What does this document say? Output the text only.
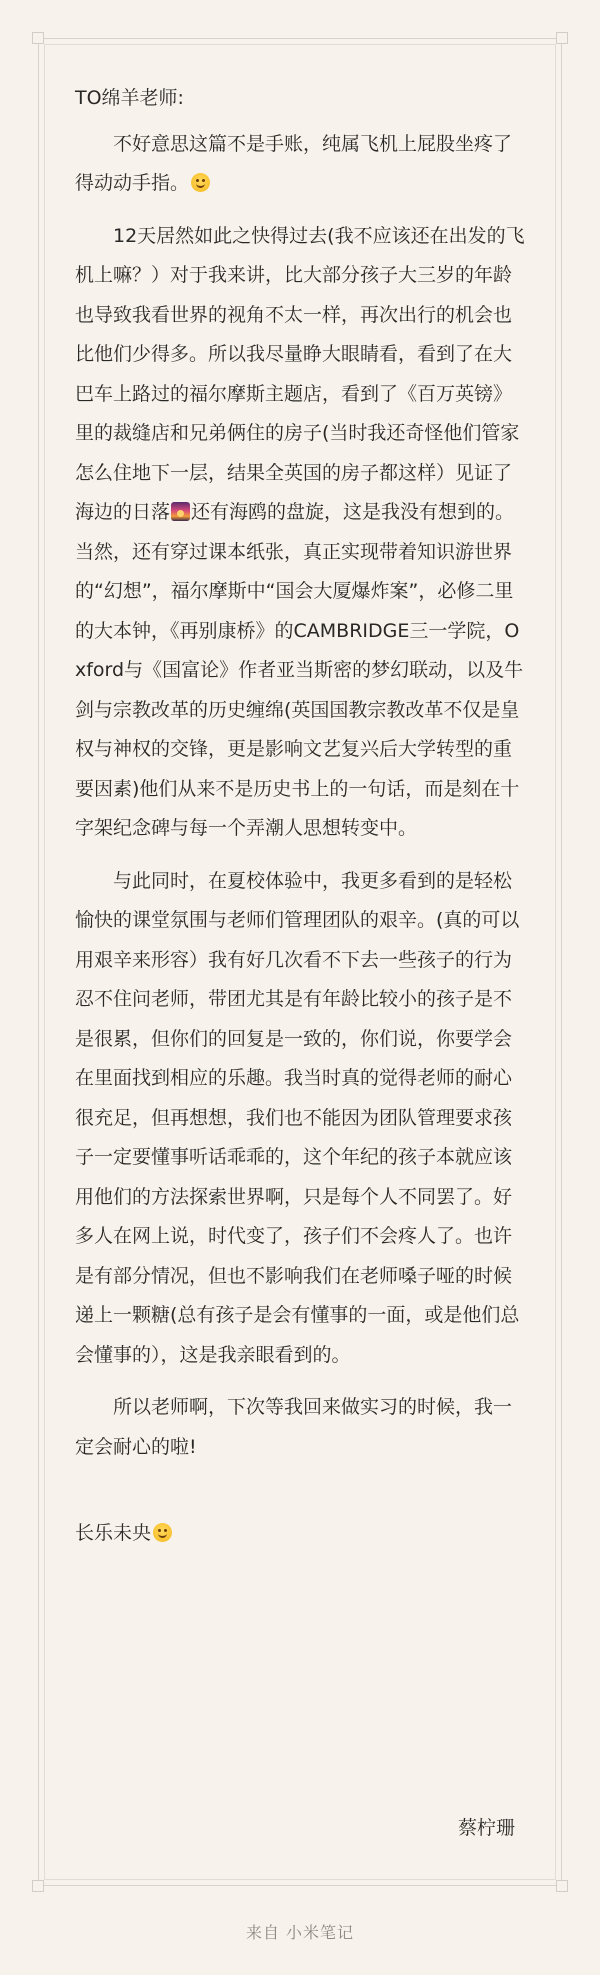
TO绵羊老师:

不好意思这篇不是手账，纯属飞机上屁股坐疼了得动动手指。

12天居然如此之快得过去(我不应该还在出发的飞机上嘛？）对于我来讲，比大部分孩子大三岁的年龄也导致我看世界的视角不太一样，再次出行的机会也比他们少得多。所以我尽量睁大眼睛看，看到了在大巴车上路过的福尔摩斯主题店，看到了《百万英镑》里的裁缝店和兄弟俩住的房子(当时我还奇怪他们管家怎么住地下一层，结果全英国的房子都这样）见证了海边的日落 还有海鸥的盘旋，这是我没有想到的。当然，还有穿过课本纸张，真正实现带着知识游世界的“幻想”，福尔摩斯中“国会大厦爆炸案”，必修二里的大本钟，《再别康桥》的CAMBRIDGE三一学院，Oxford与《国富论》作者亚当斯密的梦幻联动，以及牛剑与宗教改革的历史缠绵(英国国教宗教改革不仅是皇权与神权的交锋，更是影响文艺复兴后大学转型的重要因素)他们从来不是历史书上的一句话，而是刻在十字架纪念碑与每一个弄潮人思想转变中。

与此同时，在夏校体验中，我更多看到的是轻松愉快的课堂氛围与老师们管理团队的艰辛。(真的可以用艰辛来形容）我有好几次看不下去一些孩子的行为忍不住问老师，带团尤其是有年龄比较小的孩子是不是很累，但你们的回复是一致的，你们说，你要学会在里面找到相应的乐趣。我当时真的觉得老师的耐心很充足，但再想想，我们也不能因为团队管理要求孩子一定要懂事听话乖乖的，这个年纪的孩子本就应该用他们的方法探索世界啊，只是每个人不同罢了。好多人在网上说，时代变了，孩子们不会疼人了。也许是有部分情况，但也不影响我们在老师嗓子哑的时候递上一颗糖(总有孩子是会有懂事的一面，或是他们总会懂事的），这是我亲眼看到的。

所以老师啊，下次等我回来做实习的时候，我一定会耐心的啦!

长乐未央

蔡柠珊
来自 小米笔记
